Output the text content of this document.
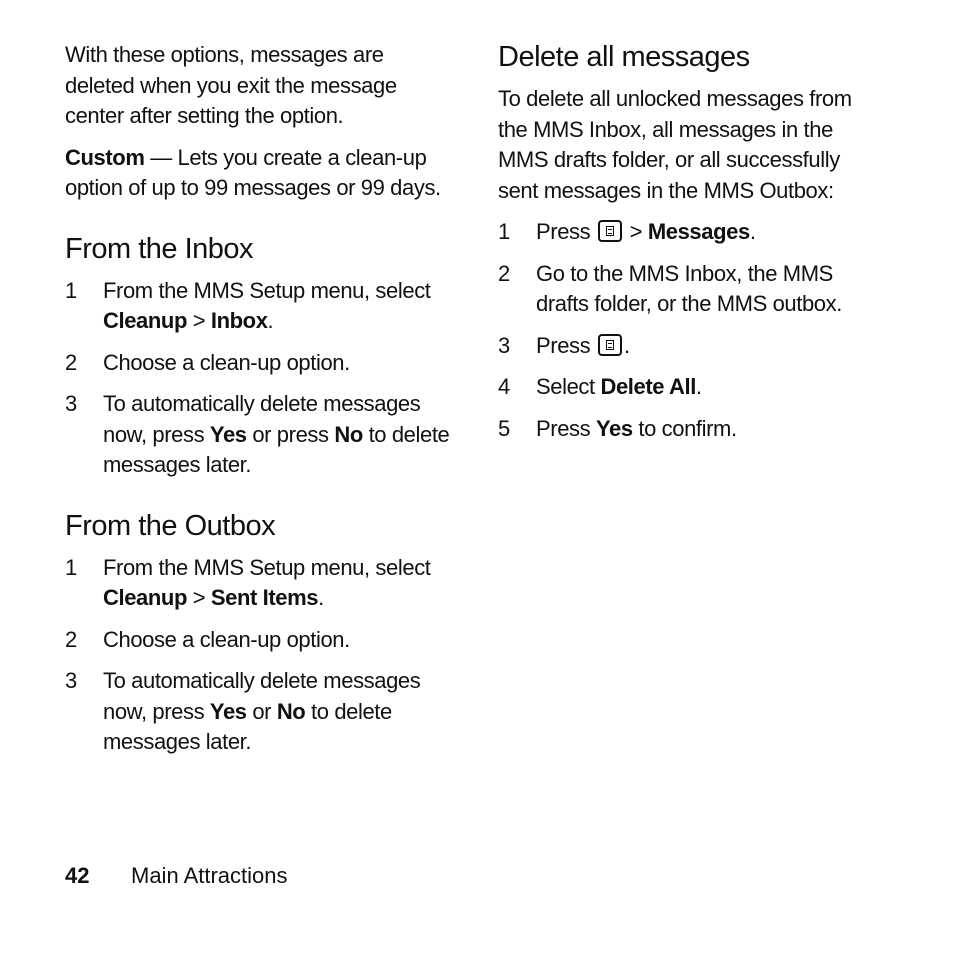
With these options, messages are deleted when you exit the message center after setting the option.

Custom — Lets you create a clean-up option of up to 99 messages or 99 days.

From the Inbox
1	From the MMS Setup menu, select Cleanup > Inbox.
2	Choose a clean-up option.
3	To automatically delete messages now, press Yes or press No to delete messages later.
From the Outbox
1	From the MMS Setup menu, select Cleanup > Sent Items.
2	Choose a clean-up option.
3	To automatically delete messages now, press Yes or No to delete messages later.
Delete all messages

To delete all unlocked messages from the MMS Inbox, all messages in the MMS drafts folder, or all successfully sent messages in the MMS Outbox:

1	Press  > Messages.
2	Go to the MMS Inbox, the MMS drafts folder, or the MMS outbox.
3	Press .
4	Select Delete All.
5	Press Yes to confirm.
42 Main Attractions
